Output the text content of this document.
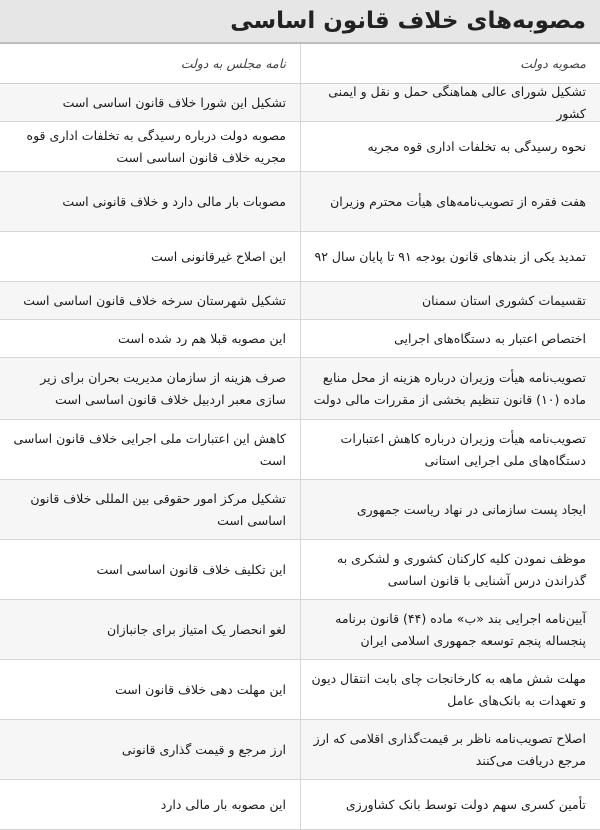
مصوبه‌های خلاف قانون اساسی
مصوبه دولت
نامه مجلس به دولت
تشکیل شورای عالی هماهنگی حمل و نقل و ایمنی کشور
تشکیل این شورا خلاف قانون اساسی است
نحوه رسیدگی به تخلفات اداری قوه مجریه
مصوبه دولت درباره رسیدگی به تخلفات اداری قوه مجریه خلاف قانون اساسی است
هفت فقره از تصویب‌نامه‌های هیأت محترم وزیران
مصوبات بار مالی دارد و خلاف قانونی است
تمدید یکی از بندهای قانون بودجه ۹۱ تا پایان سال ۹۲
این اصلاح غیرقانونی است
تقسیمات کشوری استان سمنان
تشکیل شهرستان سرخه خلاف قانون اساسی است
اختصاص اعتبار به دستگاه‌های اجرایی
این مصوبه قبلا هم رد شده است
تصویب‌نامه هیأت وزیران درباره هزینه از محل منابع ماده (۱۰) قانون تنظیم بخشی از مقررات مالی دولت
صرف هزینه از سازمان مدیریت بحران برای زیر سازی معبر اردبیل خلاف قانون اساسی است
تصویب‌نامه هیأت وزیران درباره کاهش اعتبارات دستگاه‌های ملی اجرایی استانی
کاهش این اعتبارات ملی اجرایی خلاف قانون اساسی است
ایجاد پست سازمانی در نهاد ریاست جمهوری
تشکیل مرکز امور حقوقی بین المللی خلاف قانون اساسی است
موظف نمودن کلیه کارکنان کشوری و لشکری به گذراندن درس آشنایی با قانون اساسی
این تکلیف خلاف قانون اساسی است
آیین‌نامه اجرایی بند «ب» ماده (۴۴) قانون برنامه پنجساله پنجم توسعه جمهوری اسلامی ایران
لغو انحصار یک امتیاز برای جانبازان
مهلت شش ماهه به کارخانجات چای بابت انتقال دیون و تعهدات به بانک‌های عامل
این مهلت دهی خلاف قانون است
اصلاح تصویب‌نامه ناظر بر قیمت‌گذاری اقلامی که ارز مرجع دریافت می‌کنند
ارز مرجع و قیمت گذاری قانونی
تأمین کسری سهم دولت توسط بانک کشاورزی
این مصوبه بار مالی دارد
